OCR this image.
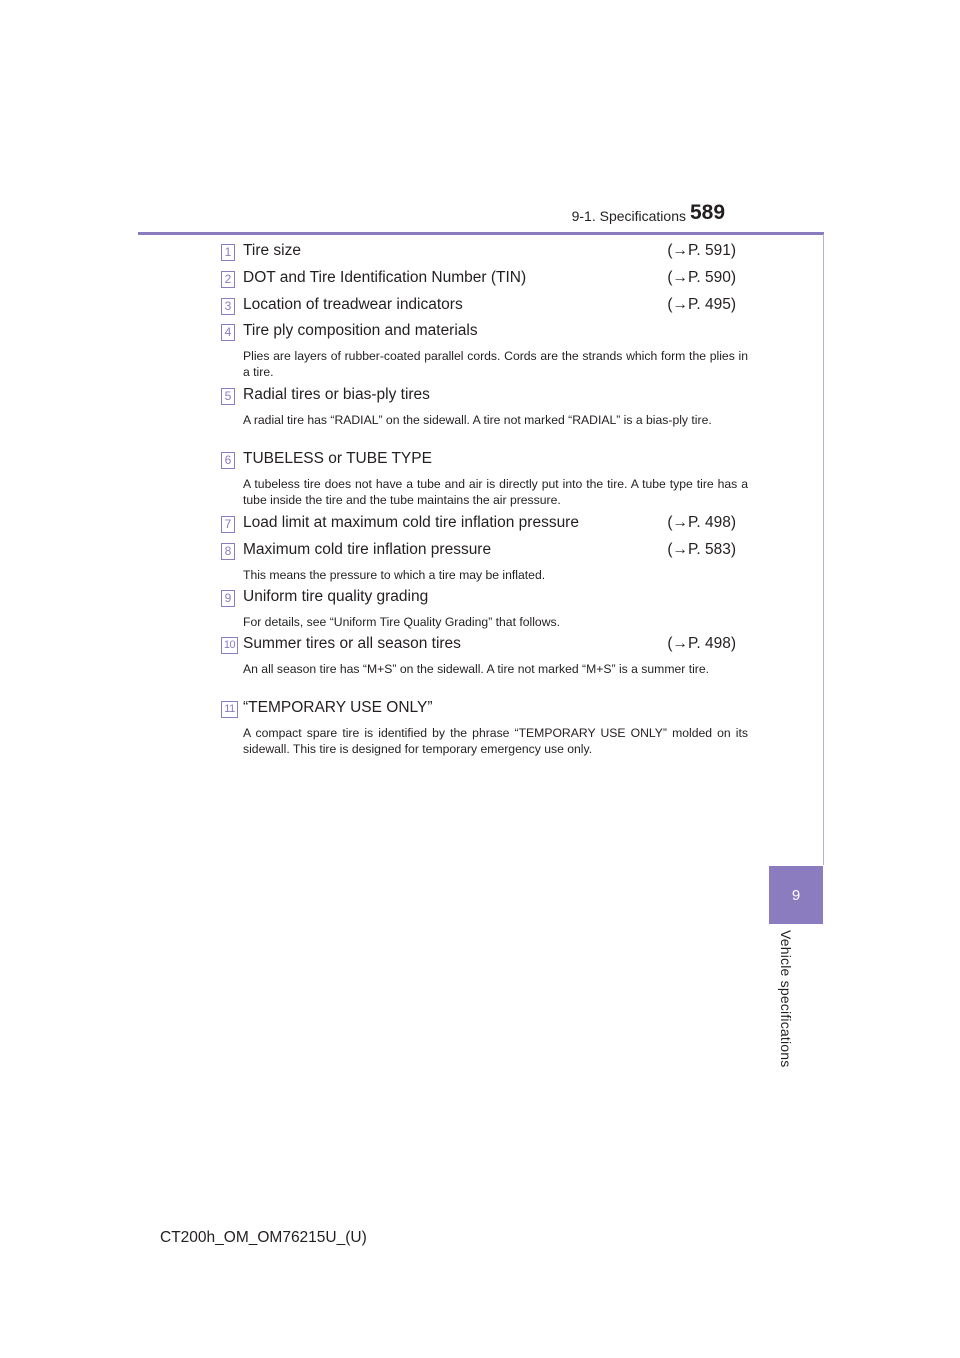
9-1. Specifications 589
9
Vehicle specifications
1 Tire size	(→P. 591)
2 DOT and Tire Identification Number (TIN)	(→P. 590)
3 Location of treadwear indicators	(→P. 495)
4 Tire ply composition and materials
Plies are layers of rubber-coated parallel cords. Cords are the strands which form the plies in a tire.
5 Radial tires or bias-ply tires
A radial tire has “RADIAL” on the sidewall. A tire not marked “RADIAL” is a bias-ply tire.
6 TUBELESS or TUBE TYPE
A tubeless tire does not have a tube and air is directly put into the tire. A tube type tire has a tube inside the tire and the tube maintains the air pressure.
7 Load limit at maximum cold tire inflation pressure	(→P. 498)
8 Maximum cold tire inflation pressure	(→P. 583)
This means the pressure to which a tire may be inflated.
9 Uniform tire quality grading
For details, see “Uniform Tire Quality Grading” that follows.
10 Summer tires or all season tires	(→P. 498)
An all season tire has “M+S” on the sidewall. A tire not marked “M+S” is a summer tire.
11 “TEMPORARY USE ONLY”
A compact spare tire is identified by the phrase “TEMPORARY USE ONLY” molded on its sidewall. This tire is designed for temporary emergency use only.
CT200h_OM_OM76215U_(U)
